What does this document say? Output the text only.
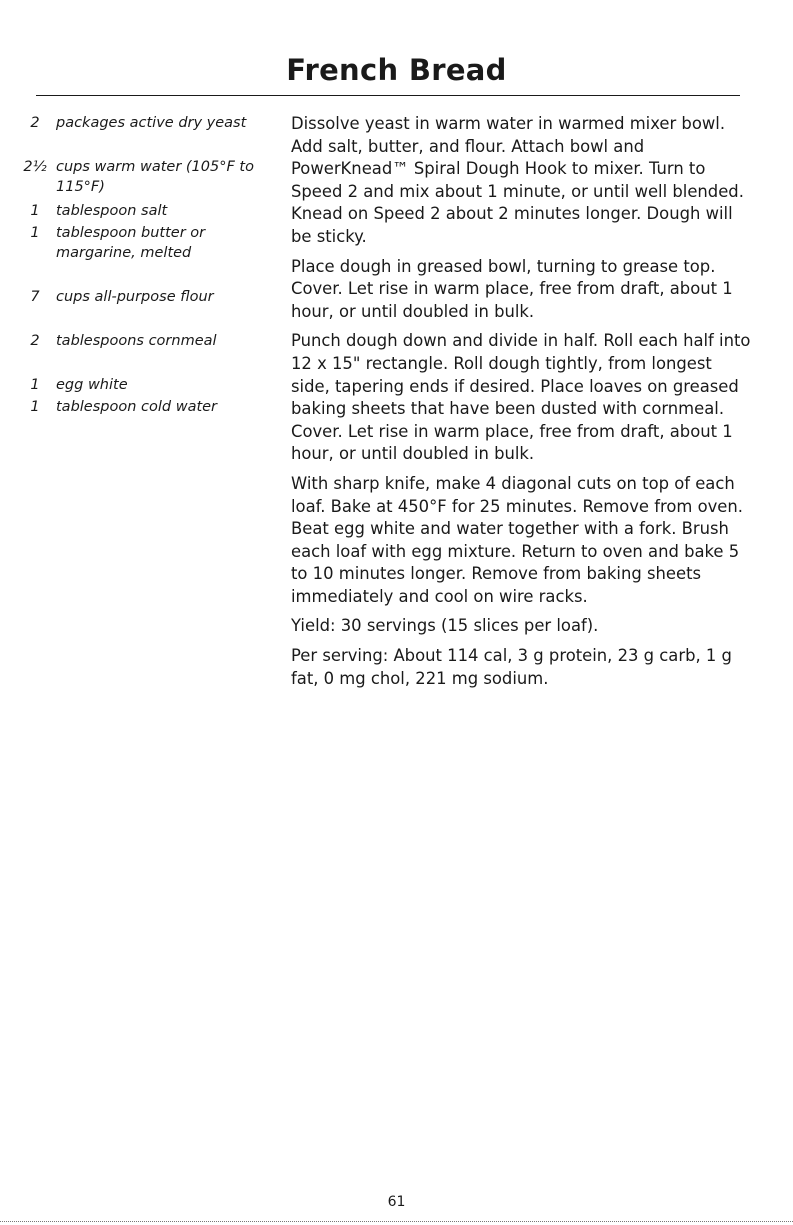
French Bread
2	packages active dry yeast
2½ cups warm water (105°F to 115°F)
1	tablespoon salt
1	tablespoon butter or margarine, melted
7	cups all-purpose flour
2	tablespoons cornmeal
1	egg white
1	tablespoon cold water

Dissolve yeast in warm water in warmed mixer bowl. Add salt, butter, and flour. Attach bowl and PowerKnead™ Spiral Dough Hook to mixer. Turn to Speed 2 and mix about 1 minute, or until well blended. Knead on Speed 2 about 2 minutes longer. Dough will be sticky.

Place dough in greased bowl, turning to grease top. Cover. Let rise in warm place, free from draft, about 1 hour, or until doubled in bulk.

Punch dough down and divide in half. Roll each half into 12 x 15" rectangle. Roll dough tightly, from longest side, tapering ends if desired. Place loaves on greased baking sheets that have been dusted with cornmeal. Cover. Let rise in warm place, free from draft, about 1 hour, or until doubled in bulk.

With sharp knife, make 4 diagonal cuts on top of each loaf. Bake at 450°F for 25 minutes. Remove from oven. Beat egg white and water together with a fork. Brush each loaf with egg mixture. Return to oven and bake 5 to 10 minutes longer. Remove from baking sheets immediately and cool on wire racks.

Yield: 30 servings (15 slices per loaf).

Per serving: About 114 cal, 3 g protein, 23 g carb, 1 g fat, 0 mg chol, 221 mg sodium.

61
